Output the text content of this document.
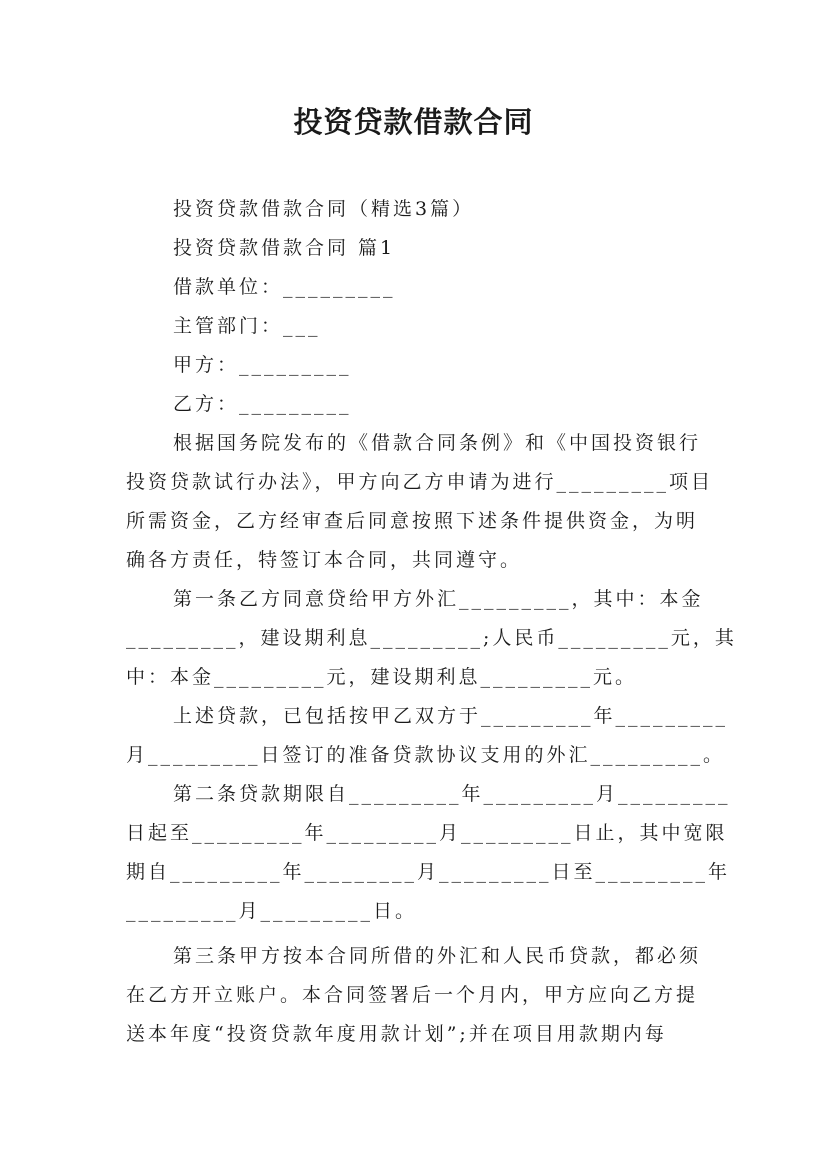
投资贷款借款合同
投资贷款借款合同（精选3篇）
投资贷款借款合同 篇1
借款单位：_________
主管部门：___
甲方：_________
乙方：_________
根据国务院发布的《借款合同条例》和《中国投资银行
投资贷款试行办法》，甲方向乙方申请为进行_________项目
所需资金，乙方经审查后同意按照下述条件提供资金，为明
确各方责任，特签订本合同，共同遵守。
第一条乙方同意贷给甲方外汇_________，其中：本金
_________，建设期利息_________;人民币_________元，其
中：本金_________元，建设期利息_________元。
上述贷款，已包括按甲乙双方于_________年_________
月_________日签订的准备贷款协议支用的外汇_________。
第二条贷款期限自_________年_________月_________
日起至_________年_________月_________日止，其中宽限
期自_________年_________月_________日至_________年
_________月_________日。
第三条甲方按本合同所借的外汇和人民币贷款，都必须
在乙方开立账户。本合同签署后一个月内，甲方应向乙方提
送本年度“投资贷款年度用款计划”;并在项目用款期内每
